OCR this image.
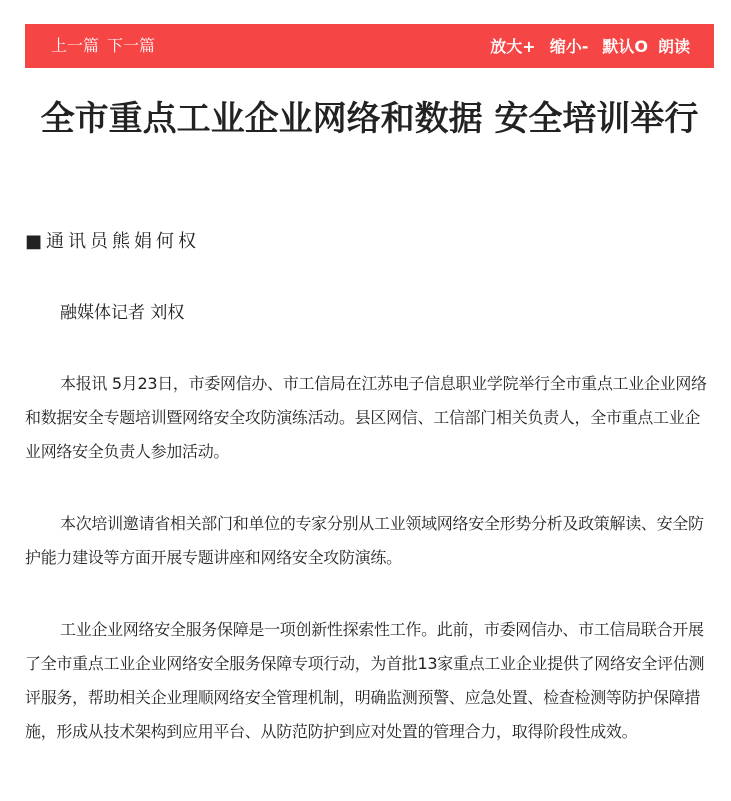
上一篇 下一篇	放大+ 缩小- 默认O 朗读
全市重点工业企业网络和数据 安全培训举行

■通讯员熊娟何权

融媒体记者 刘权

本报讯 5月23日，市委网信办、市工信局在江苏电子信息职业学院举行全市重点工业企业网络和数据安全专题培训暨网络安全攻防演练活动。县区网信、工信部门相关负责人，全市重点工业企业网络安全负责人参加活动。

本次培训邀请省相关部门和单位的专家分别从工业领域网络安全形势分析及政策解读、安全防护能力建设等方面开展专题讲座和网络安全攻防演练。

工业企业网络安全服务保障是一项创新性探索性工作。此前，市委网信办、市工信局联合开展了全市重点工业企业网络安全服务保障专项行动，为首批13家重点工业企业提供了网络安全评估测评服务，帮助相关企业理顺网络安全管理机制，明确监测预警、应急处置、检查检测等防护保障措施，形成从技术架构到应用平台、从防范防护到应对处置的管理合力，取得阶段性成效。
